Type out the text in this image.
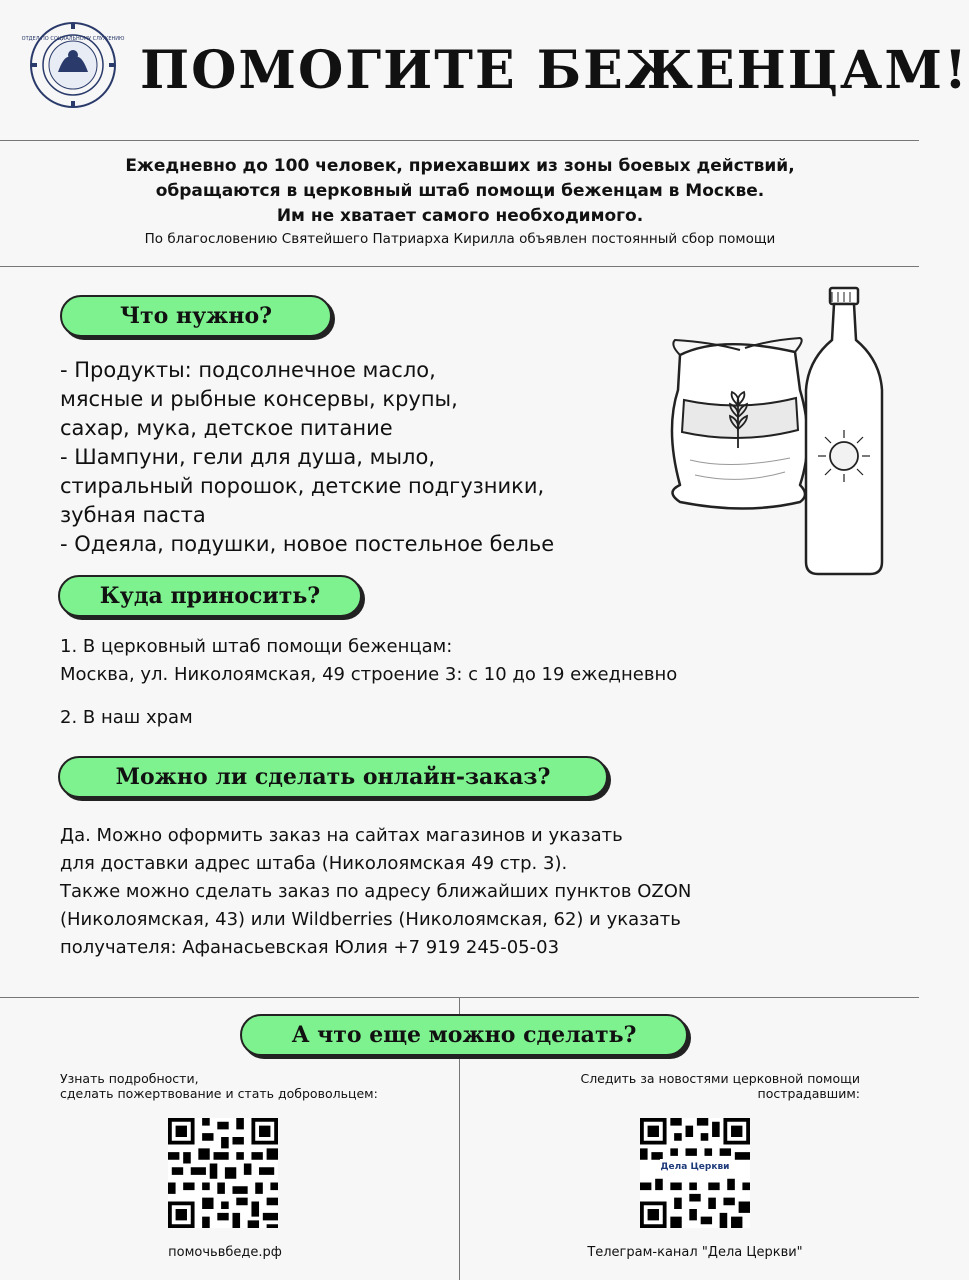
ОТДЕЛ ПО СОЦИАЛЬНОМУ СЛУЖЕНИЮ
ПОМОГИТЕ БЕЖЕНЦАМ!
Ежедневно до 100 человек, приехавших из зоны боевых действий,
обращаются в церковный штаб помощи беженцам в Москве.
Им не хватает самого необходимого.
По благословению Святейшего Патриарха Кирилла объявлен постоянный сбор помощи
Что нужно?
- Продукты: подсолнечное масло,
мясные и рыбные консервы, крупы,
сахар, мука, детское питание
- Шампуни, гели для душа, мыло,
стиральный порошок, детские подгузники,
зубная паста
- Одеяла, подушки, новое постельное белье
Куда приносить?
1. В церковный штаб помощи беженцам:
Москва, ул. Николоямская, 49 строение 3: с 10 до 19 ежедневно
2. В наш храм
Можно ли сделать онлайн-заказ?
Да. Можно оформить заказ на сайтах магазинов и указать
для доставки адрес штаба (Николоямская 49 стр. 3).
Также можно сделать заказ по адресу ближайших пунктов OZON
(Николоямская, 43) или Wildberries (Николоямская, 62) и указать
получателя: Афанасьевская Юлия +7 919 245-05-03
А что еще можно сделать?
Узнать подробности,
сделать пожертвование и стать добровольцем:
Следить за новостями церковной помощи
пострадавшим:
Дела Церкви
помочьвбеде.рф	Телеграм-канал "Дела Церкви"
